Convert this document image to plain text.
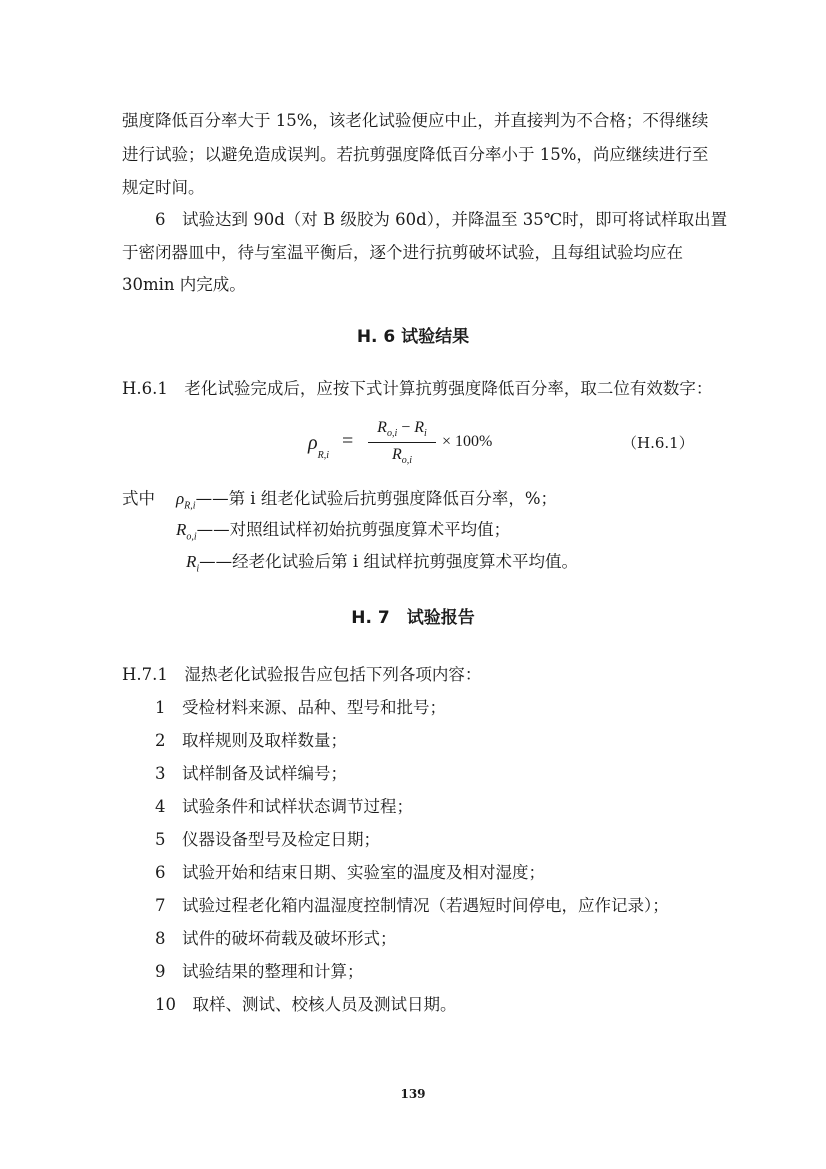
强度降低百分率大于 15%，该老化试验便应中止，并直接判为不合格；不得继续
进行试验；以避免造成误判。若抗剪强度降低百分率小于 15%，尚应继续进行至
规定时间。
6　试验达到 90d（对 B 级胶为 60d），并降温至 35℃时，即可将试样取出置
于密闭器皿中，待与室温平衡后，逐个进行抗剪破坏试验，且每组试验均应在
30min 内完成。
H. 6 试验结果
H.6.1　老化试验完成后，应按下式计算抗剪强度降低百分率，取二位有效数字：
$\rho_{R,i}$
=
$R_{o,i} - R_i$
$R_{o,i}$
× 100%	（H.6.1）
式中 $\rho_{R,i}——$第 i 组老化试验后抗剪强度降低百分率，%；
$R_{o,i}——$对照组试样初始抗剪强度算术平均值；
$R_i——$经老化试验后第 i 组试样抗剪强度算术平均值。
H. 7　试验报告
H.7.1　湿热老化试验报告应包括下列各项内容：
1　受检材料来源、品种、型号和批号；
2　取样规则及取样数量；
3　试样制备及试样编号；
4　试验条件和试样状态调节过程；
5　仪器设备型号及检定日期；
6　试验开始和结束日期、实验室的温度及相对湿度；
7　试验过程老化箱内温湿度控制情况（若遇短时间停电，应作记录）；
8　试件的破坏荷载及破坏形式；
9　试验结果的整理和计算；
10　取样、测试、校核人员及测试日期。
139
